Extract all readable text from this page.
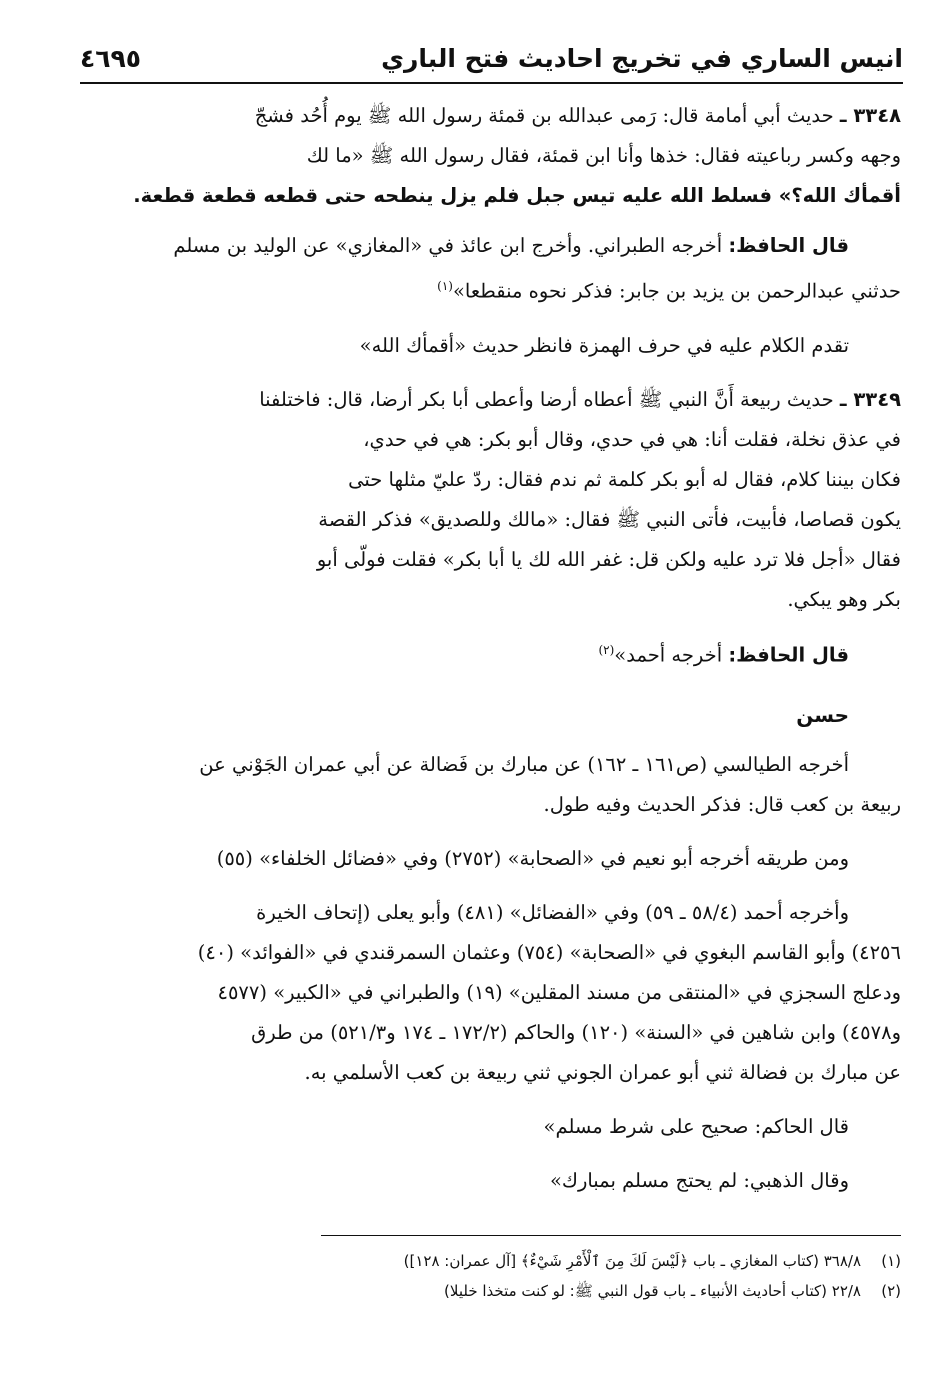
انيس الساري في تخريج احاديث فتح الباري
٤٦٩٥
٣٣٤٨ ـ حديث أبي أمامة قال: رَمى عبدالله بن قمئة رسول الله ﷺ يوم أُحُد فشجّ
وجهه وكسر رباعيته فقال: خذها وأنا ابن قمئة، فقال رسول الله ﷺ «ما لك
أقمأك الله؟» فسلط الله عليه تيس جبل فلم يزل ينطحه حتى قطعه قطعة قطعة.
قال الحافظ: أخرجه الطبراني. وأخرج ابن عائذ في «المغازي» عن الوليد بن مسلم
حدثني عبدالرحمن بن يزيد بن جابر: فذكر نحوه منقطعا»$^{(١)}$
تقدم الكلام عليه في حرف الهمزة فانظر حديث «أقمأك الله»
٣٣٤٩ ـ حديث ربيعة أَنَّ النبي ﷺ أعطاه أرضا وأعطى أبا بكر أرضا، قال: فاختلفنا
في عذق نخلة، فقلت أنا: هي في حدي، وقال أبو بكر: هي في حدي،
فكان بيننا كلام، فقال له أبو بكر كلمة ثم ندم فقال: ردّ عليّ مثلها حتى
يكون قصاصا، فأبيت، فأتى النبي ﷺ فقال: «مالك وللصديق» فذكر القصة
فقال «أجل فلا ترد عليه ولكن قل: غفر الله لك يا أبا بكر» فقلت فولّى أبو
بكر وهو يبكي.
قال الحافظ: أخرجه أحمد»$^{(٢)}$
حسن
أخرجه الطيالسي (ص١٦١ ـ ١٦٢) عن مبارك بن فَضالة عن أبي عمران الجَوْني عن
ربيعة بن كعب قال: فذكر الحديث وفيه طول.
ومن طريقه أخرجه أبو نعيم في «الصحابة» (٢٧٥٢) وفي «فضائل الخلفاء» (٥٥)
وأخرجه أحمد (٥٨/٤ ـ ٥٩) وفي «الفضائل» (٤٨١) وأبو يعلى (إتحاف الخيرة
٤٢٥٦) وأبو القاسم البغوي في «الصحابة» (٧٥٤) وعثمان السمرقندي في «الفوائد» (٤٠)
ودعلج السجزي في «المنتقى من مسند المقلين» (١٩) والطبراني في «الكبير» (٤٥٧٧
و٤٥٧٨) وابن شاهين في «السنة» (١٢٠) والحاكم (١٧٢/٢ ـ ١٧٤ و٥٢١/٣) من طرق
عن مبارك بن فضالة ثني أبو عمران الجوني ثني ربيعة بن كعب الأسلمي به.
قال الحاكم: صحيح على شرط مسلم»
وقال الذهبي: لم يحتج مسلم بمبارك»
(١)٣٦٨/٨ (كتاب المغازي ـ باب ﴿لَيْسَ لَكَ مِنَ ٱلْأَمْرِ شَيْءٌ﴾ [آل عمران: ١٢٨])
(٢)٢٢/٨ (كتاب أحاديث الأنبياء ـ باب قول النبي ﷺ: لو كنت متخذا خليلا)
